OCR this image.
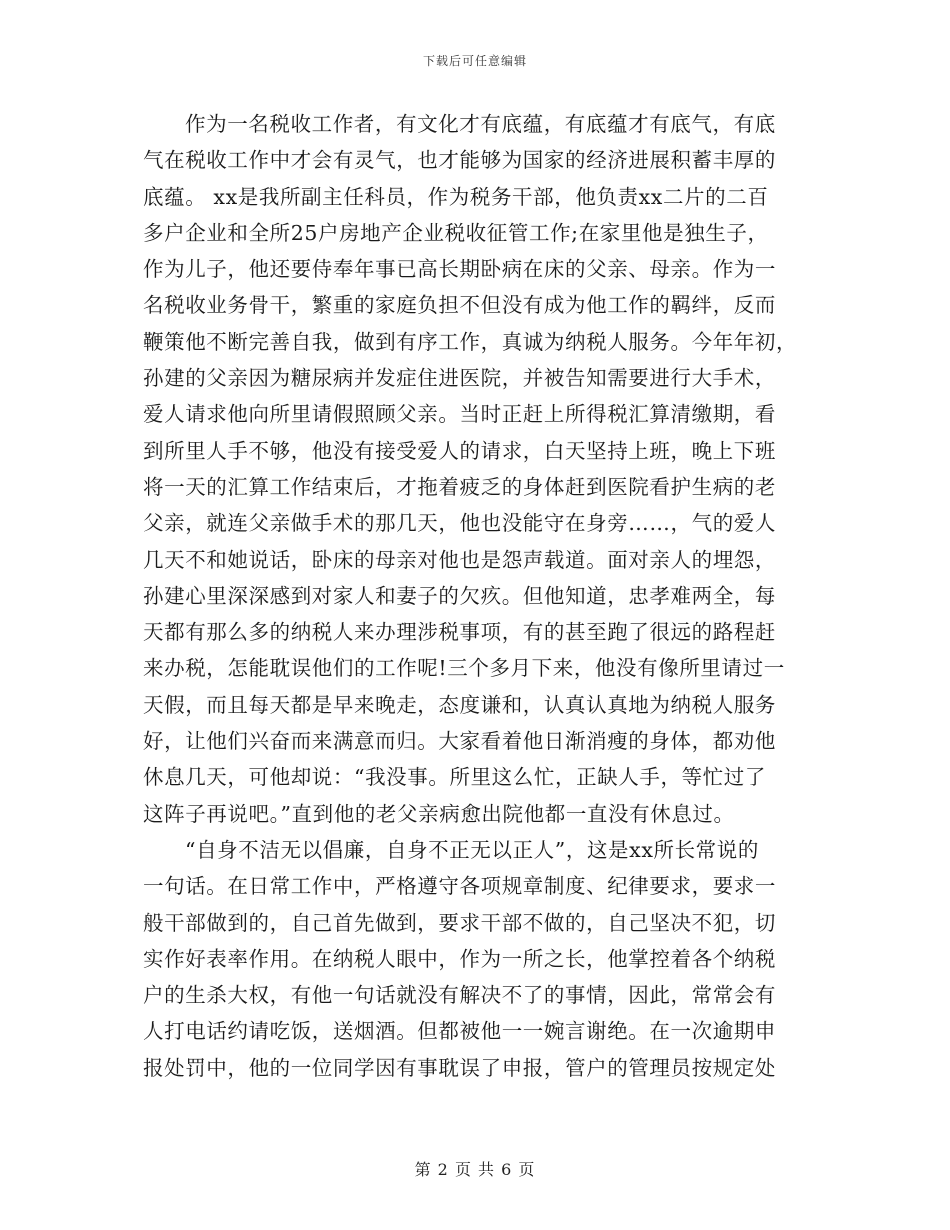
下载后可任意编辑
作为一名税收工作者，有文化才有底蕴，有底蕴才有底气，有底
气在税收工作中才会有灵气，也才能够为国家的经济进展积蓄丰厚的
底蕴。 xx是我所副主任科员，作为税务干部，他负责xx二片的二百
多户企业和全所25户房地产企业税收征管工作;在家里他是独生子，
作为儿子，他还要侍奉年事已高长期卧病在床的父亲、母亲。作为一
名税收业务骨干，繁重的家庭负担不但没有成为他工作的羁绊，反而
鞭策他不断完善自我，做到有序工作，真诚为纳税人服务。今年年初，
孙建的父亲因为糖尿病并发症住进医院，并被告知需要进行大手术，
爱人请求他向所里请假照顾父亲。当时正赶上所得税汇算清缴期，看
到所里人手不够，他没有接受爱人的请求，白天坚持上班，晚上下班
将一天的汇算工作结束后，才拖着疲乏的身体赶到医院看护生病的老
父亲，就连父亲做手术的那几天，他也没能守在身旁……，气的爱人
几天不和她说话，卧床的母亲对他也是怨声载道。面对亲人的埋怨，
孙建心里深深感到对家人和妻子的欠疚。但他知道，忠孝难两全，每
天都有那么多的纳税人来办理涉税事项，有的甚至跑了很远的路程赶
来办税，怎能耽误他们的工作呢!三个多月下来，他没有像所里请过一
天假，而且每天都是早来晚走，态度谦和，认真认真地为纳税人服务
好，让他们兴奋而来满意而归。大家看着他日渐消瘦的身体，都劝他
休息几天，可他却说：“我没事。所里这么忙，正缺人手，等忙过了
这阵子再说吧。”直到他的老父亲病愈出院他都一直没有休息过。
“自身不洁无以倡廉，自身不正无以正人”，这是xx所长常说的
一句话。在日常工作中，严格遵守各项规章制度、纪律要求，要求一
般干部做到的，自己首先做到，要求干部不做的，自己坚决不犯，切
实作好表率作用。在纳税人眼中，作为一所之长，他掌控着各个纳税
户的生杀大权，有他一句话就没有解决不了的事情，因此，常常会有
人打电话约请吃饭，送烟酒。但都被他一一婉言谢绝。在一次逾期申
报处罚中，他的一位同学因有事耽误了申报，管户的管理员按规定处
第 2 页 共 6 页
